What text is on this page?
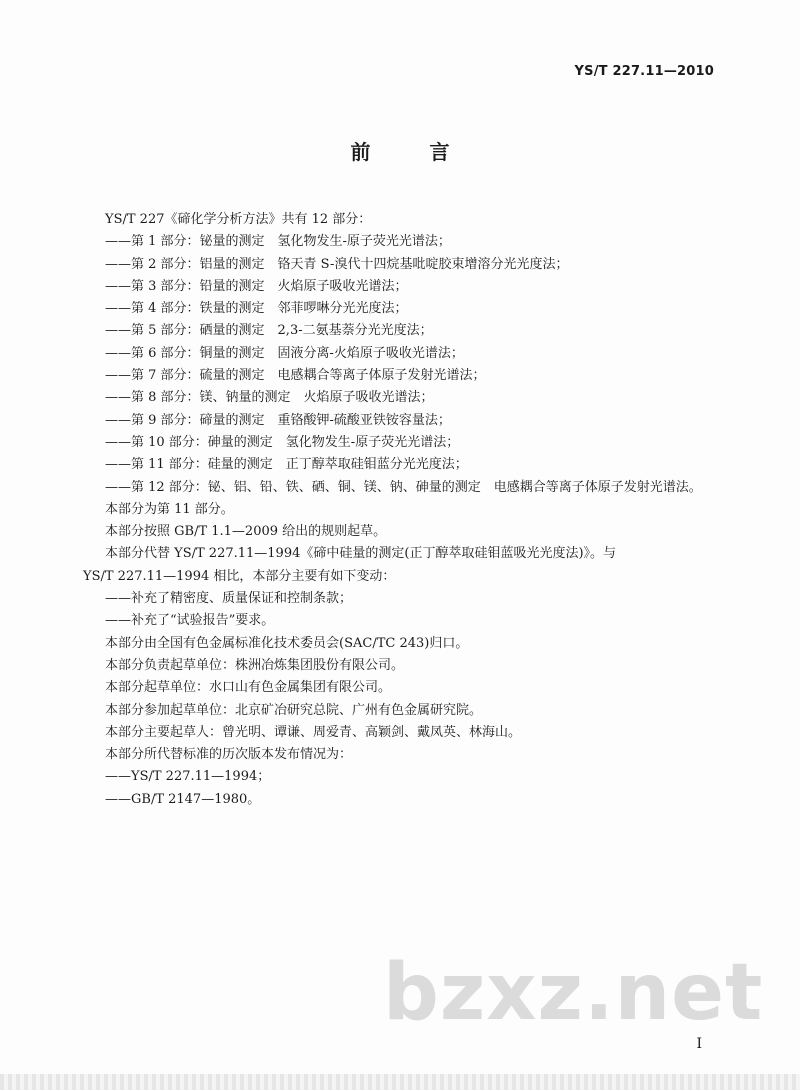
YS/T 227.11—2010
前 言
YS/T 227《碲化学分析方法》共有 12 部分：
——第 1 部分：铋量的测定　氢化物发生-原子荧光光谱法；
——第 2 部分：铝量的测定　铬天青 S-溴代十四烷基吡啶胶束增溶分光光度法；
——第 3 部分：铅量的测定　火焰原子吸收光谱法；
——第 4 部分：铁量的测定　邻菲啰啉分光光度法；
——第 5 部分：硒量的测定　2,3-二氨基萘分光光度法；
——第 6 部分：铜量的测定　固液分离-火焰原子吸收光谱法；
——第 7 部分：硫量的测定　电感耦合等离子体原子发射光谱法；
——第 8 部分：镁、钠量的测定　火焰原子吸收光谱法；
——第 9 部分：碲量的测定　重铬酸钾-硫酸亚铁铵容量法；
——第 10 部分：砷量的测定　氢化物发生-原子荧光光谱法；
——第 11 部分：硅量的测定　正丁醇萃取硅钼蓝分光光度法；
——第 12 部分：铋、铝、铅、铁、硒、铜、镁、钠、砷量的测定　电感耦合等离子体原子发射光谱法。
本部分为第 11 部分。
本部分按照 GB/T 1.1—2009 给出的规则起草。
本部分代替 YS/T 227.11—1994《碲中硅量的测定(正丁醇萃取硅钼蓝吸光光度法)》。与
YS/T 227.11—1994 相比，本部分主要有如下变动：
——补充了精密度、质量保证和控制条款；
——补充了“试验报告”要求。
本部分由全国有色金属标准化技术委员会(SAC/TC 243)归口。
本部分负责起草单位：株洲冶炼集团股份有限公司。
本部分起草单位：水口山有色金属集团有限公司。
本部分参加起草单位：北京矿冶研究总院、广州有色金属研究院。
本部分主要起草人：曾光明、谭谦、周爱青、高颖剑、戴凤英、林海山。
本部分所代替标准的历次版本发布情况为：
——YS/T 227.11—1994；
——GB/T 2147—1980。
bzxz.net
I
